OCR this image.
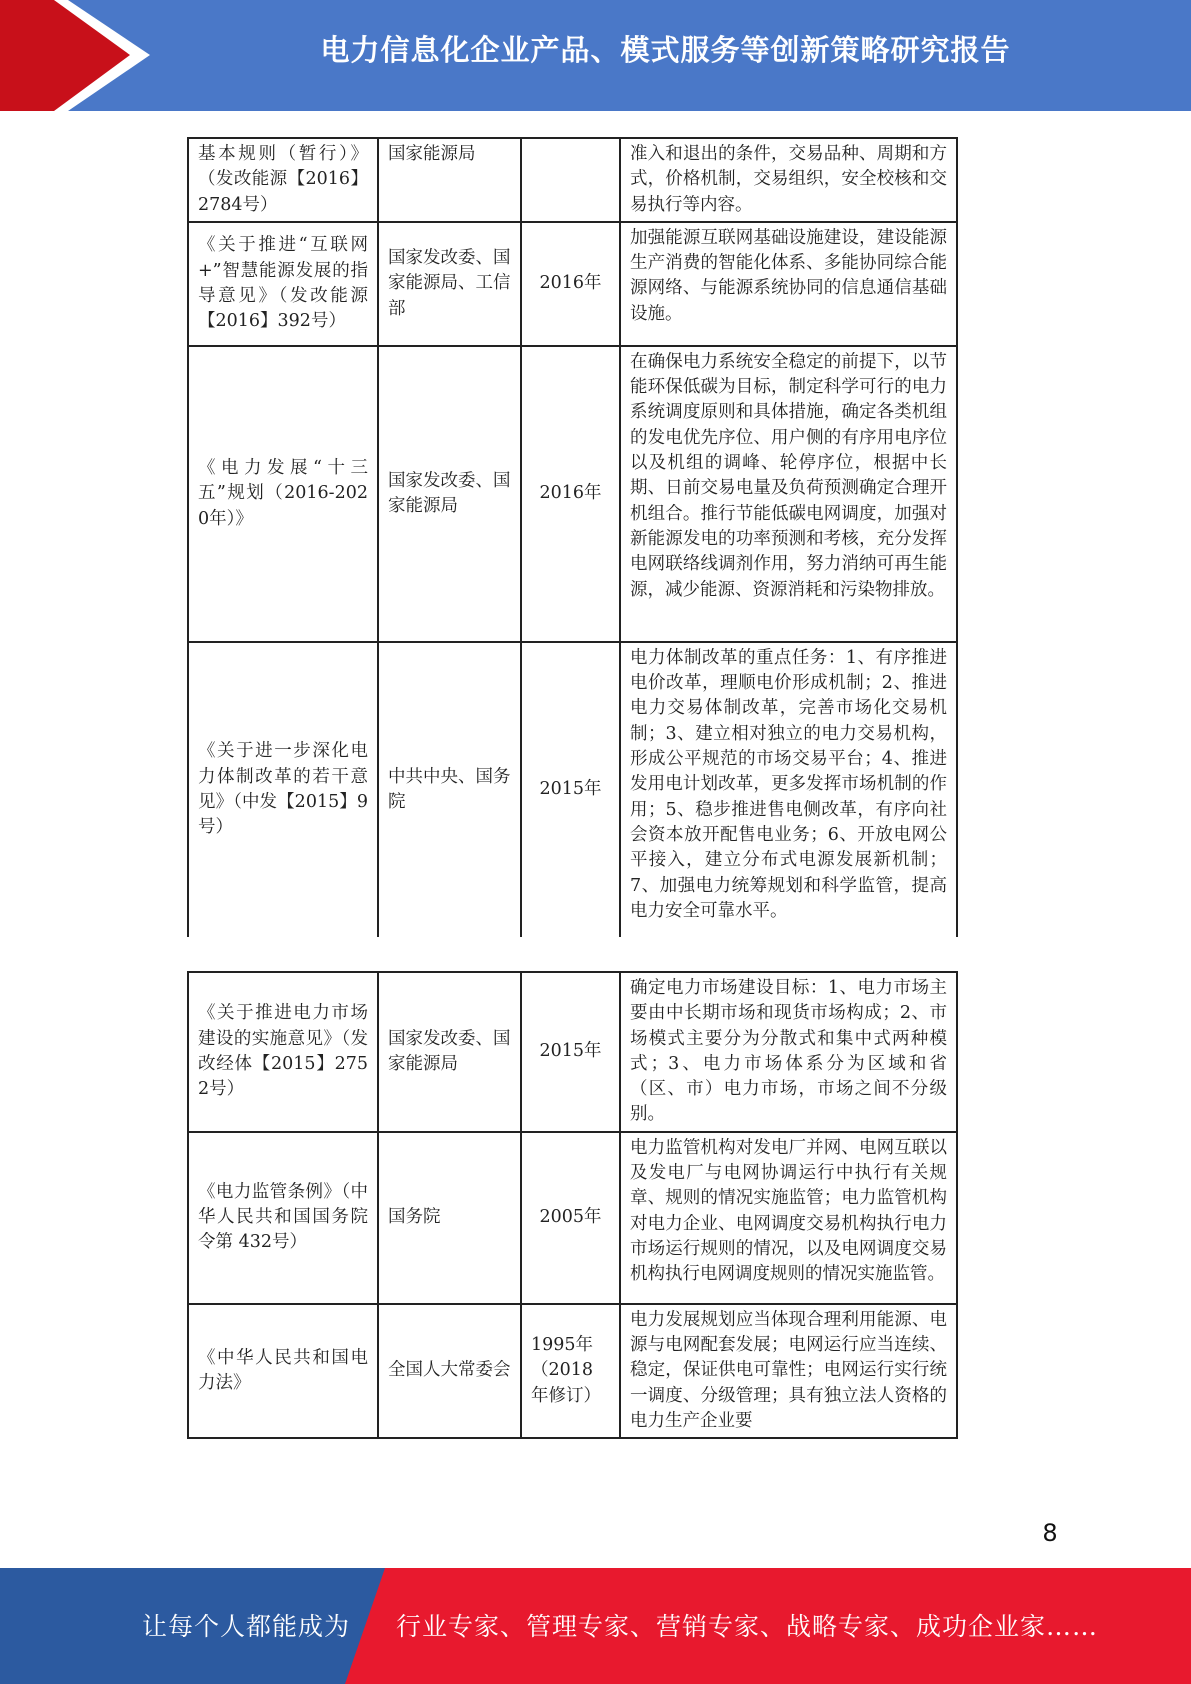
电力信息化企业产品、模式服务等创新策略研究报告
基本规则（暂行）》（发改能源【2016】2784号）	国家能源局		准入和退出的条件，交易品种、周期和方式，价格机制，交易组织，安全校核和交易执行等内容。
《关于推进“互联网+”智慧能源发展的指导意见》（发改能源【2016】392号）	国家发改委、国家能源局、工信部	2016年	加强能源互联网基础设施建设，建设能源生产消费的智能化体系、多能协同综合能源网络、与能源系统协同的信息通信基础设施。
《电力发展“十三五”规划（2016-2020年）》	国家发改委、国家能源局	2016年	在确保电力系统安全稳定的前提下，以节能环保低碳为目标，制定科学可行的电力系统调度原则和具体措施，确定各类机组的发电优先序位、用户侧的有序用电序位以及机组的调峰、轮停序位，根据中长期、日前交易电量及负荷预测确定合理开机组合。推行节能低碳电网调度，加强对新能源发电的功率预测和考核，充分发挥电网联络线调剂作用，努力消纳可再生能源，减少能源、资源消耗和污染物排放。
《关于进一步深化电力体制改革的若干意见》（中发【2015】9号）	中共中央、国务院	2015年	电力体制改革的重点任务：1、有序推进电价改革，理顺电价形成机制；2、推进电力交易体制改革，完善市场化交易机制；3、建立相对独立的电力交易机构，形成公平规范的市场交易平台；4、推进发用电计划改革，更多发挥市场机制的作用；5、稳步推进售电侧改革，有序向社会资本放开配售电业务；6、开放电网公平接入，建立分布式电源发展新机制；7、加强电力统筹规划和科学监管，提高电力安全可靠水平。
《关于推进电力市场建设的实施意见》（发改经体【2015】2752号）	国家发改委、国家能源局	2015年	确定电力市场建设目标：1、电力市场主要由中长期市场和现货市场构成；2、市场模式主要分为分散式和集中式两种模式；3、电力市场体系分为区域和省（区、市）电力市场，市场之间不分级别。
《电力监管条例》（中华人民共和国国务院令第 432号）	国务院	2005年	电力监管机构对发电厂并网、电网互联以及发电厂与电网协调运行中执行有关规章、规则的情况实施监管；电力监管机构对电力企业、电网调度交易机构执行电力市场运行规则的情况，以及电网调度交易机构执行电网调度规则的情况实施监管。
《中华人民共和国电力法》	全国人大常委会	1995年（2018年修订）	电力发展规划应当体现合理利用能源、电源与电网配套发展；电网运行应当连续、稳定，保证供电可靠性；电网运行实行统一调度、分级管理；具有独立法人资格的电力生产企业要
8
让每个人都能成为 行业专家、管理专家、营销专家、战略专家、成功企业家……
